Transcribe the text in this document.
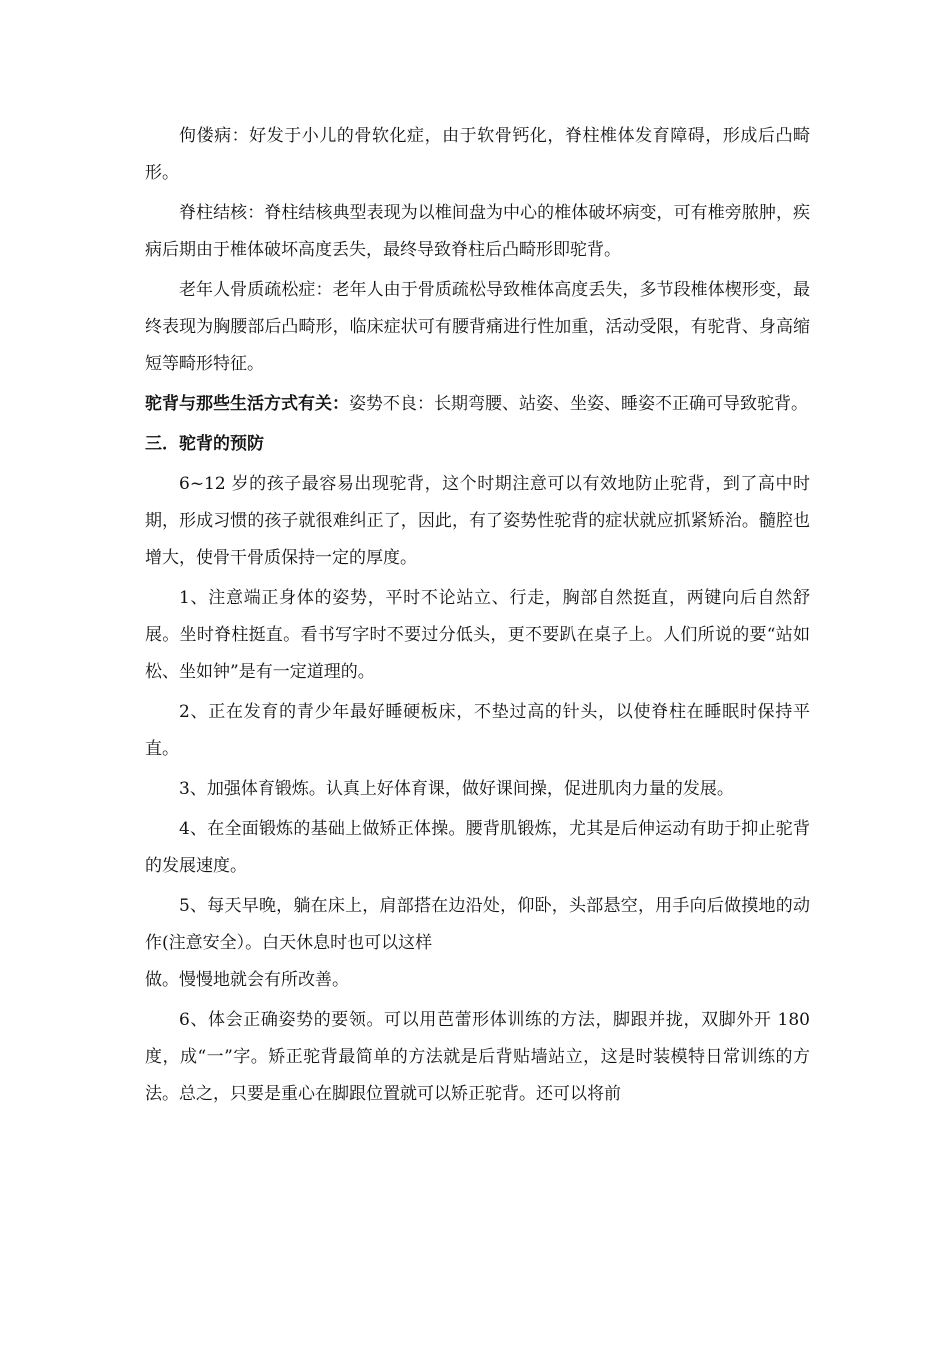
佝偻病：好发于小儿的骨软化症，由于软骨钙化，脊柱椎体发育障碍，形成后凸畸形。

脊柱结核：脊柱结核典型表现为以椎间盘为中心的椎体破坏病变，可有椎旁脓肿，疾病后期由于椎体破坏高度丢失，最终导致脊柱后凸畸形即驼背。

老年人骨质疏松症：老年人由于骨质疏松导致椎体高度丢失，多节段椎体楔形变，最终表现为胸腰部后凸畸形，临床症状可有腰背痛进行性加重，活动受限，有驼背、身高缩短等畸形特征。

驼背与那些生活方式有关：姿势不良：长期弯腰、站姿、坐姿、睡姿不正确可导致驼背。

三．驼背的预防

6~12 岁的孩子最容易出现驼背，这个时期注意可以有效地防止驼背，到了高中时期，形成习惯的孩子就很难纠正了，因此，有了姿势性驼背的症状就应抓紧矫治。髓腔也增大，使骨干骨质保持一定的厚度。

1、注意端正身体的姿势，平时不论站立、行走，胸部自然挺直，两键向后自然舒展。坐时脊柱挺直。看书写字时不要过分低头，更不要趴在桌子上。人们所说的要“站如松、坐如钟”是有一定道理的。

2、正在发育的青少年最好睡硬板床，不垫过高的针头，以使脊柱在睡眠时保持平直。

3、加强体育锻炼。认真上好体育课，做好课间操，促进肌肉力量的发展。

4、在全面锻炼的基础上做矫正体操。腰背肌锻炼，尤其是后伸运动有助于抑止驼背的发展速度。

5、每天早晚，躺在床上，肩部搭在边沿处，仰卧，头部悬空，用手向后做摸地的动作(注意安全）。白天休息时也可以这样

做。慢慢地就会有所改善。

6、体会正确姿势的要领。可以用芭蕾形体训练的方法，脚跟并拢，双脚外开 180 度，成“一”字。矫正驼背最简单的方法就是后背贴墙站立，这是时装模特日常训练的方法。总之，只要是重心在脚跟位置就可以矫正驼背。还可以将前
